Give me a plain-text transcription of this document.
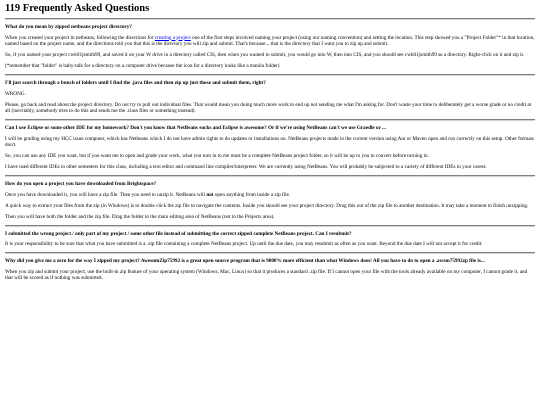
119 Frequently Asked Questions
What do you mean by zipped netbeans project directory?

When you created your project in netbeans, following the directions for creating a project one of the first steps involved naming your project (using our naming convention) and setting the location. This step showed you a "Project Folder"* in that location, named based on the project name, and the directions told you that this is the directory you will zip and submit. That's because... that is the directory that I want you to zip up and submit.

So, if you named your project cwk01jsmith99, and saved it on your W drive in a directory called CIS, then when you wanted to submit, you would go into W, then into CIS, and you should see cwk01jsmith99 as a directory. Right-click on it and zip it.

(*remember that "folder" is baby-talk for a directory on a computer drive because the icon for a directory looks like a manila folder)

I'll just search through a bunch of folders until I find the .java files and then zip up just those and submit them, right?

WRONG.

Please, go back and read about the project directory. Do not try to pull out individual files. That would mean you doing much more work to end up not sending me what I'm asking for. Don't waste your time to deliberately get a worse grade or no credit at all (inevitably, somebody tries to do this and sends me the .class files or something instead).

Can I use Eclipse or some other IDE for my homework? Don't you know that NetBeans sucks and Eclipse is awesome? Or if we're using NetBeans can't we use Graedle or ...

I will be grading using my HCC issue computer, which has Netbeans which I do not have admin rights to do updates or installations on. NetBeans projects made in the current version using Ant or Maven open and run correctly on this setup. Other formats don't.

So, you can use any IDE you want, but if you want me to open and grade your work, what you turn in to me must be a complete NetBeans project folder, so it will be up to you to convert before turning in.

I have used different IDEs in other semesters for this class, including a text editor and command line compiler/interpreter. We are currently using NetBeans. You will probably be subjected to a variety of different IDEs in your career.

How do you open a project you have downloaded from Brightspace?

Once you have downloaded it, you will have a zip file. Then you need to unzip it. NetBeans will not open anything from inside a zip file.

A quick way to extract your files from the zip (in Windows) is to double click the zip file to navigate the contents. Inside you should see your project directory. Drag this out of the zip file to another destination. It may take a moment to finish unzipping.

Then you will have both the folder and the zip file. Drag the folder to the main editing area of NetBeans (not to the Projects area).

I submitted the wrong project / only part of my project / some other file instead of submitting the correct zipped complete NetBeans project. Can I resubmit?

It is your responsibility to be sure that what you have submitted is a .zip file containing a complete NetBeans project. Up until the due date, you may resubmit as often as you want. Beyond the due date I will not accept it for credit.

Why did you give me a zero for the way I zipped my project? AwesumZip75992 is a great open source program that is 9000% more efficient than what Windows does! All you have to do to open a .awsm75992zp file is...

When you zip and submit your project, use the built-in zip feature of your operating system (Windows, Mac, Linux) so that it produces a standard .zip file. If I cannot open your file with the tools already available on my computer, I cannot grade it, and that will be scored as if nothing was submitted.
